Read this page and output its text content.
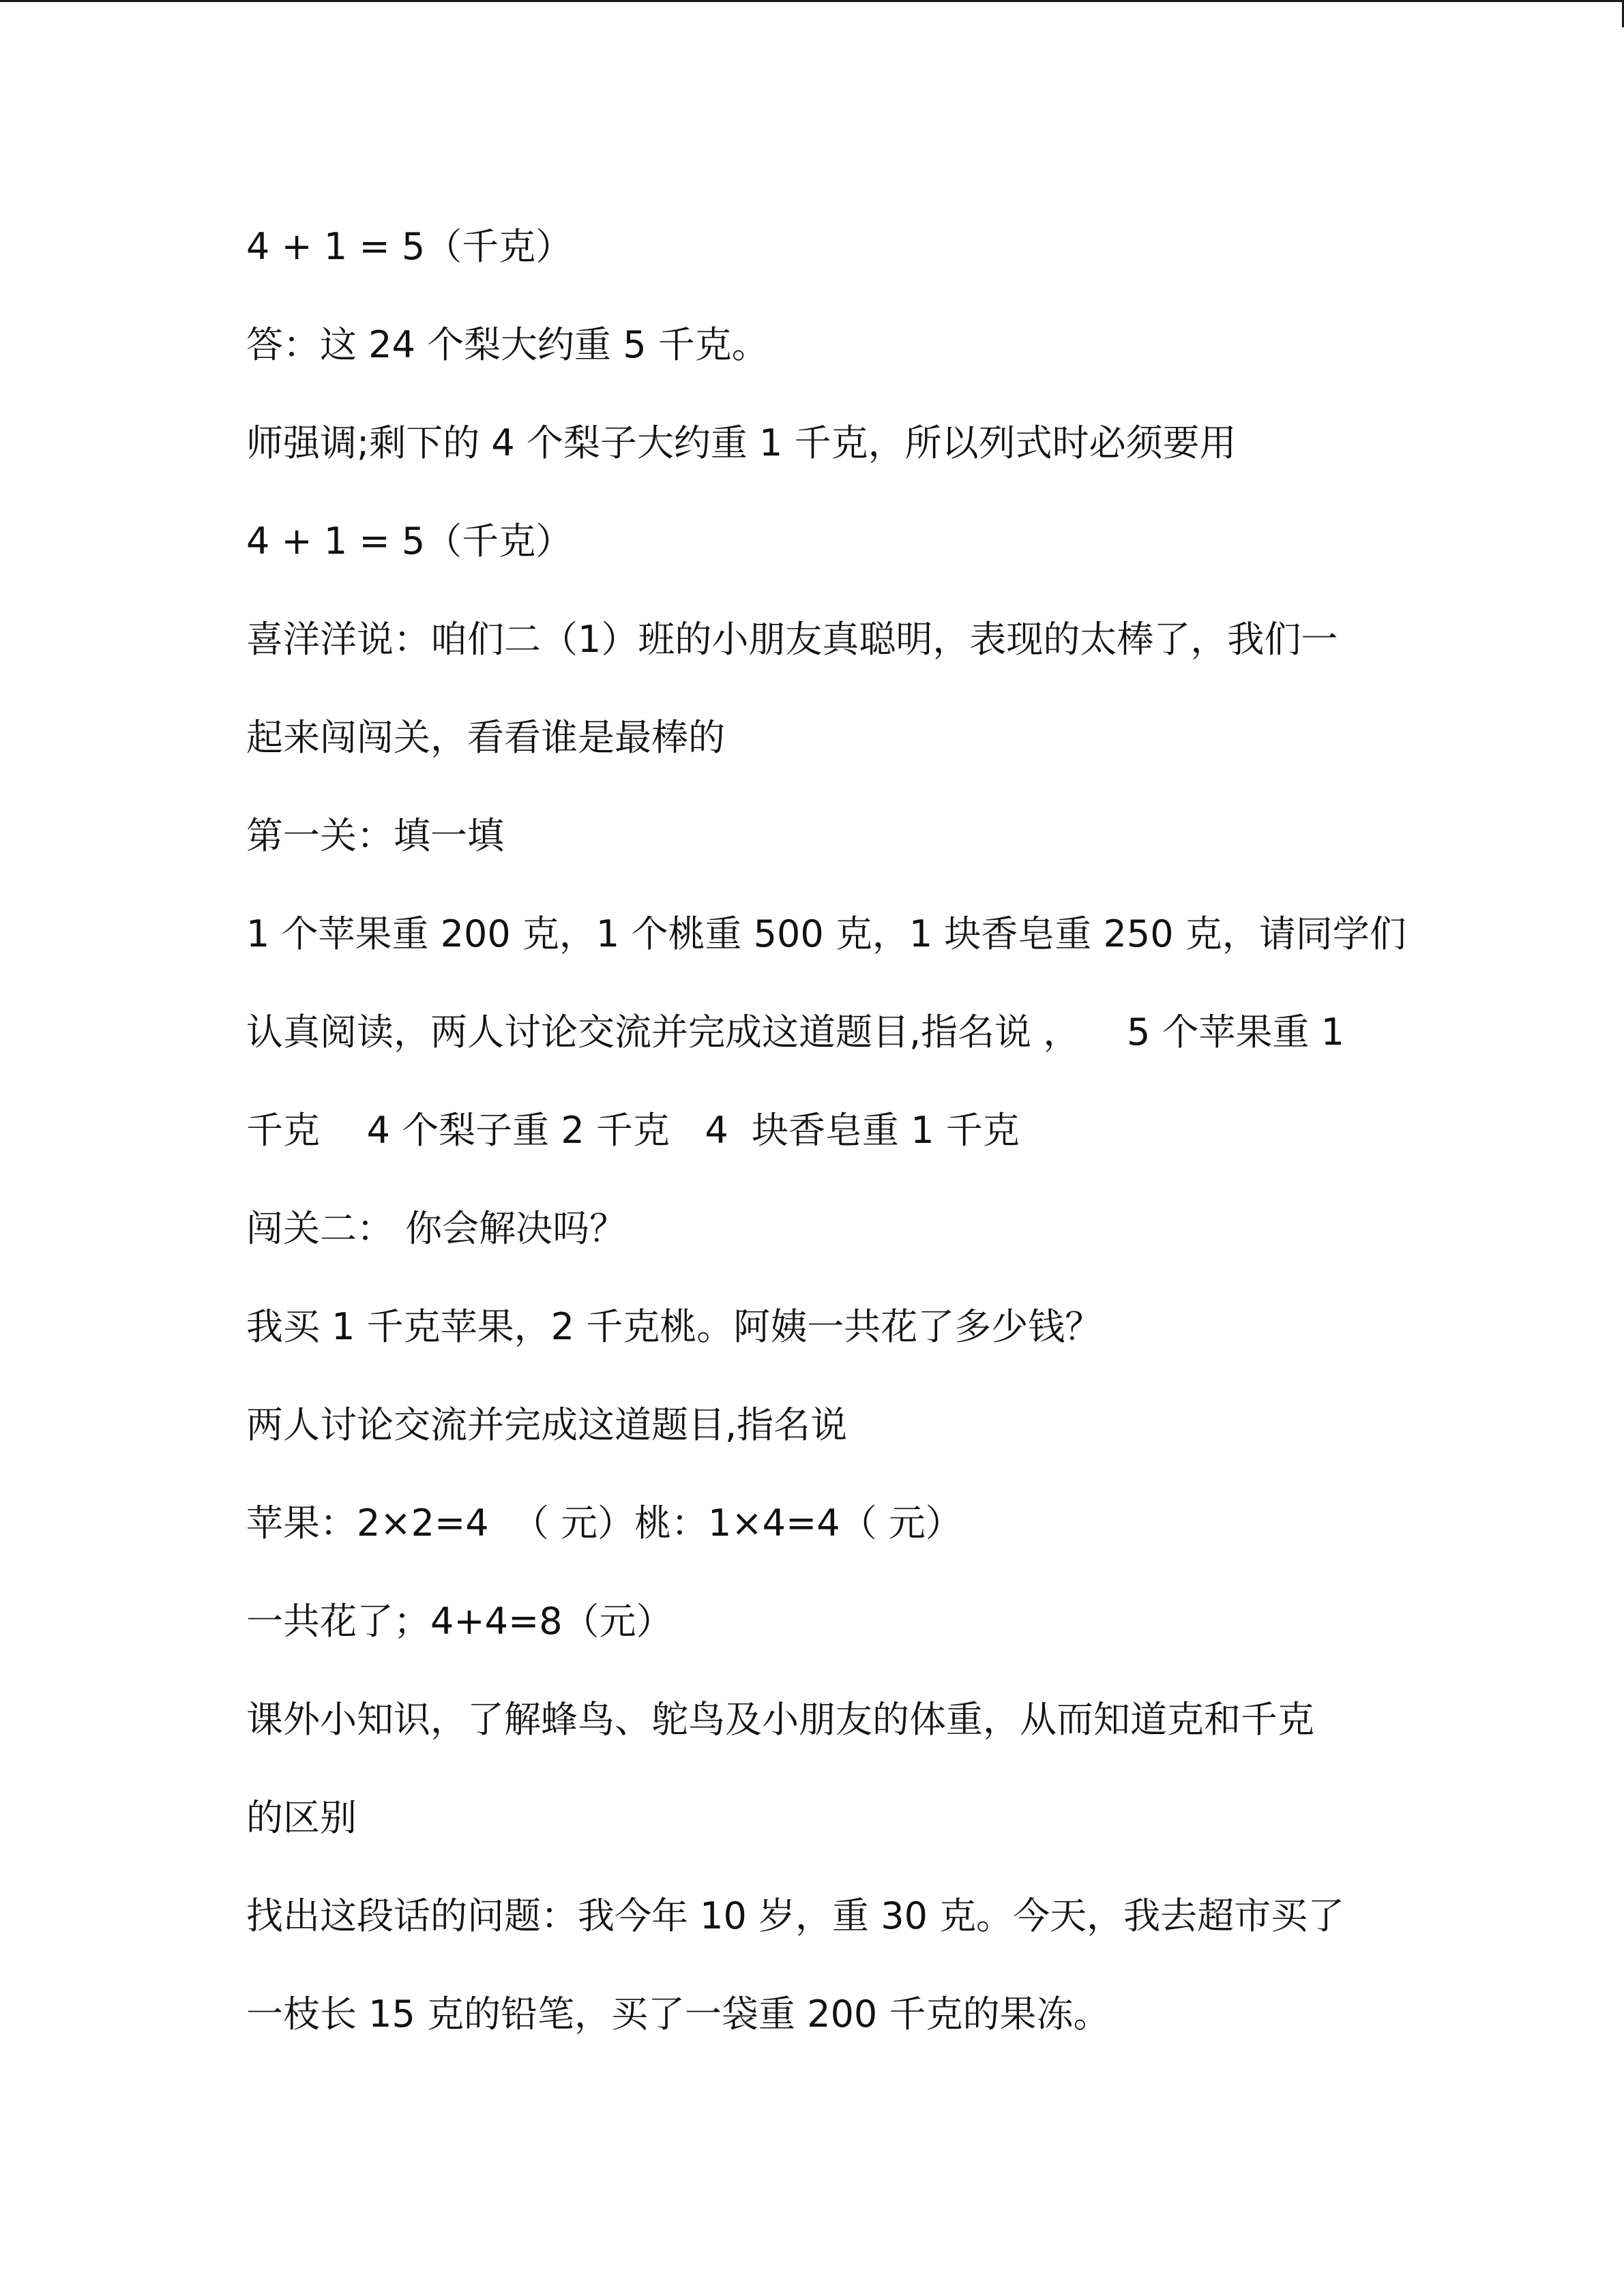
4 + 1 = 5（千克）
答：这 24 个梨大约重 5 千克。
师强调;剩下的 4 个梨子大约重 1 千克，所以列式时必须要用
4 + 1 = 5（千克）
喜洋洋说：咱们二（1）班的小朋友真聪明，表现的太棒了，我们一
起来闯闯关，看看谁是最棒的
第一关：填一填
1 个苹果重 200 克，1 个桃重 500 克，1 块香皂重 250 克，请同学们
认真阅读，两人讨论交流并完成这道题目,指名说 ，    5 个苹果重 1
千克    4 个梨子重 2 千克   4  块香皂重 1 千克
闯关二： 你会解决吗？
我买 1 千克苹果，2 千克桃。阿姨一共花了多少钱？
两人讨论交流并完成这道题目,指名说
苹果：2×2=4  （ 元）桃：1×4=4（ 元）
一共花了；4+4=8（元）
课外小知识，了解蜂鸟、鸵鸟及小朋友的体重，从而知道克和千克
的区别
找出这段话的问题：我今年 10 岁，重 30 克。今天，我去超市买了
一枝长 15 克的铅笔，买了一袋重 200 千克的果冻。
